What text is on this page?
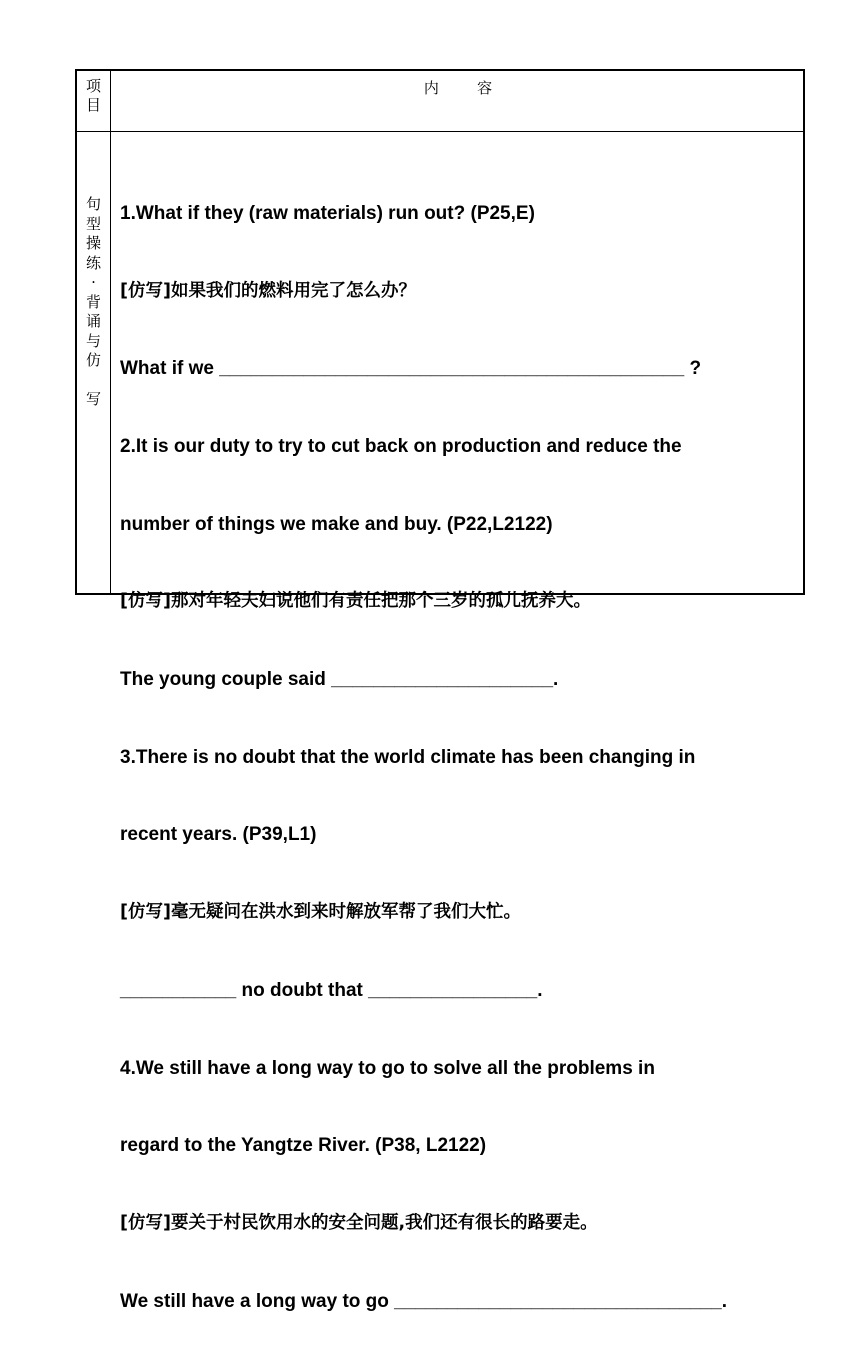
项
目
内        容
句
型
操
练
·
背
诵
与
仿

写

1.What if they (raw materials) run out? (P25,E)

[仿写]如果我们的燃料用完了怎么办？

What if we ____________________________________________ ?

2.It is our duty to try to cut back on production and reduce the

number of things we make and buy. (P22,L2122)

[仿写]那对年轻夫妇说他们有责任把那个三岁的孤儿抚养大。

The young couple said _____________________.

3.There is no doubt that the world climate has been changing in

recent years. (P39,L1)

[仿写]毫无疑问在洪水到来时解放军帮了我们大忙。

___________ no doubt that ________________.

4.We still have a long way to go to solve all the problems in

regard to the Yangtze River. (P38, L2122)

[仿写]要关于村民饮用水的安全问题,我们还有很长的路要走。

We still have a long way to go _______________________________.
